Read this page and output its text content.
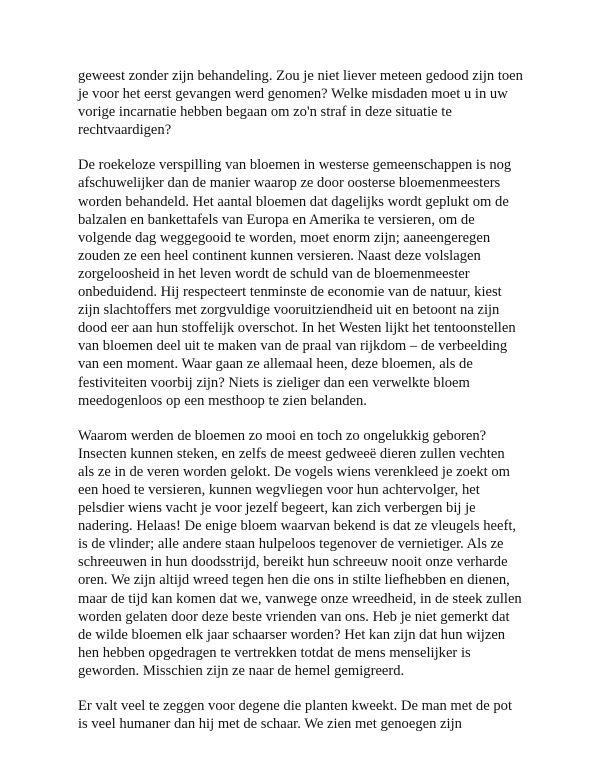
geweest zonder zijn behandeling. Zou je niet liever meteen gedood zijn toen
je voor het eerst gevangen werd genomen? Welke misdaden moet u in uw
vorige incarnatie hebben begaan om zo'n straf in deze situatie te
rechtvaardigen?

De roekeloze verspilling van bloemen in westerse gemeenschappen is nog
afschuwelijker dan de manier waarop ze door oosterse bloemenmeesters
worden behandeld. Het aantal bloemen dat dagelijks wordt geplukt om de
balzalen en bankettafels van Europa en Amerika te versieren, om de
volgende dag weggegooid te worden, moet enorm zijn; aaneengeregen
zouden ze een heel continent kunnen versieren. Naast deze volslagen
zorgeloosheid in het leven wordt de schuld van de bloemenmeester
onbeduidend. Hij respecteert tenminste de economie van de natuur, kiest
zijn slachtoffers met zorgvuldige vooruitziendheid uit en betoont na zijn
dood eer aan hun stoffelijk overschot. In het Westen lijkt het tentoonstellen
van bloemen deel uit te maken van de praal van rijkdom – de verbeelding
van een moment. Waar gaan ze allemaal heen, deze bloemen, als de
festiviteiten voorbij zijn? Niets is zieliger dan een verwelkte bloem
meedogenloos op een mesthoop te zien belanden.

Waarom werden de bloemen zo mooi en toch zo ongelukkig geboren?
Insecten kunnen steken, en zelfs de meest gedweeë dieren zullen vechten
als ze in de veren worden gelokt. De vogels wiens verenkleed je zoekt om
een hoed te versieren, kunnen wegvliegen voor hun achtervolger, het
pelsdier wiens vacht je voor jezelf begeert, kan zich verbergen bij je
nadering. Helaas! De enige bloem waarvan bekend is dat ze vleugels heeft,
is de vlinder; alle andere staan hulpeloos tegenover de vernietiger. Als ze
schreeuwen in hun doodsstrijd, bereikt hun schreeuw nooit onze verharde
oren. We zijn altijd wreed tegen hen die ons in stilte liefhebben en dienen,
maar de tijd kan komen dat we, vanwege onze wreedheid, in de steek zullen
worden gelaten door deze beste vrienden van ons. Heb je niet gemerkt dat
de wilde bloemen elk jaar schaarser worden? Het kan zijn dat hun wijzen
hen hebben opgedragen te vertrekken totdat de mens menselijker is
geworden. Misschien zijn ze naar de hemel gemigreerd.

Er valt veel te zeggen voor degene die planten kweekt. De man met de pot
is veel humaner dan hij met de schaar. We zien met genoegen zijn
